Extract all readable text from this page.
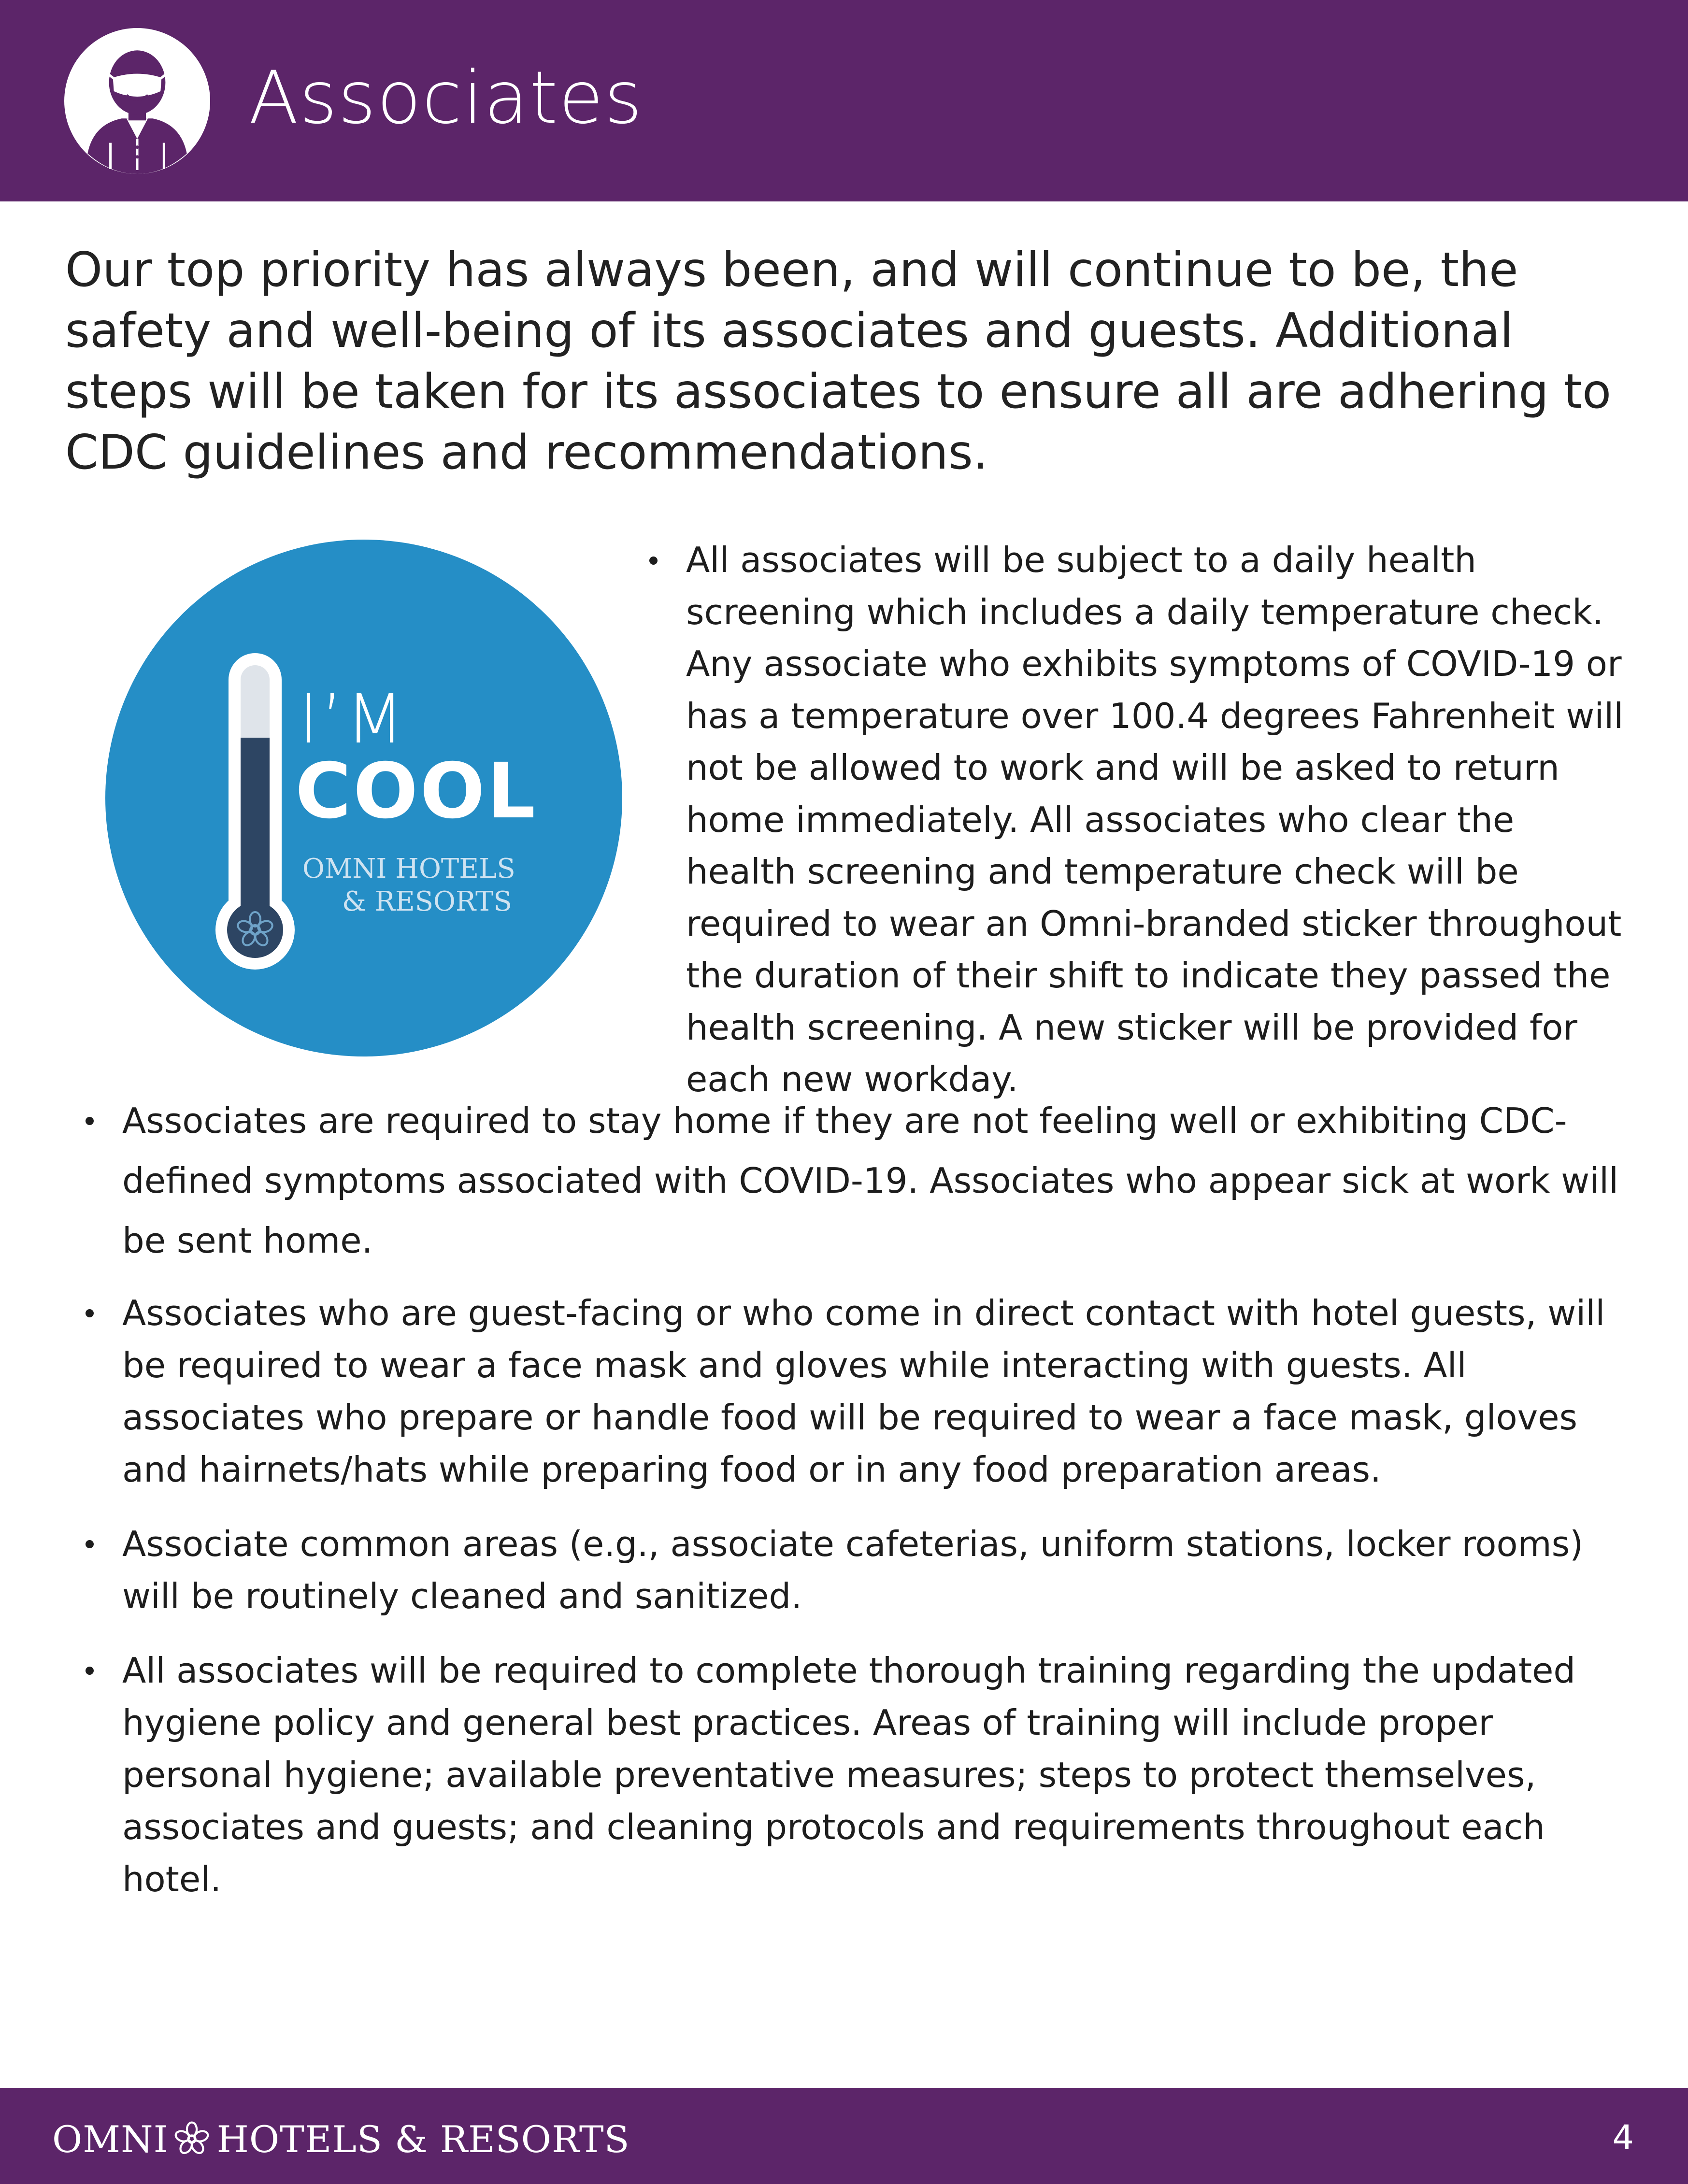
Associates

Our top priority has always been, and will continue to be, the safety and well-being of its associates and guests. Additional steps will be taken for its associates to ensure all are adhering to CDC guidelines and recommendations.

I’M
COOL
OMNI HOTELS
& RESORTS
All associates will be subject to a daily health screening which includes a daily temperature check. Any associate who exhibits symptoms of COVID-19 or has a temperature over 100.4 degrees Fahrenheit will not be allowed to work and will be asked to return home immediately. All associates who clear the health screening and temperature check will be required to wear an Omni-branded sticker throughout the duration of their shift to indicate they passed the health screening. A new sticker will be provided for each new workday.
Associates are required to stay home if they are not feeling well or exhibiting CDC-defined symptoms associated with COVID-19. Associates who appear sick at work will be sent home.
Associates who are guest-facing or who come in direct contact with hotel guests, will be required to wear a face mask and gloves while interacting with guests. All associates who prepare or handle food will be required to wear a face mask, gloves and hairnets/hats while preparing food or in any food preparation areas.
Associate common areas (e.g., associate cafeterias, uniform stations, locker rooms) will be routinely cleaned and sanitized.
All associates will be required to complete thorough training regarding the updated hygiene policy and general best practices. Areas of training will include proper personal hygiene; available preventative measures; steps to protect themselves, associates and guests; and cleaning protocols and requirements throughout each hotel.
OMNI HOTELS & RESORTS	4
